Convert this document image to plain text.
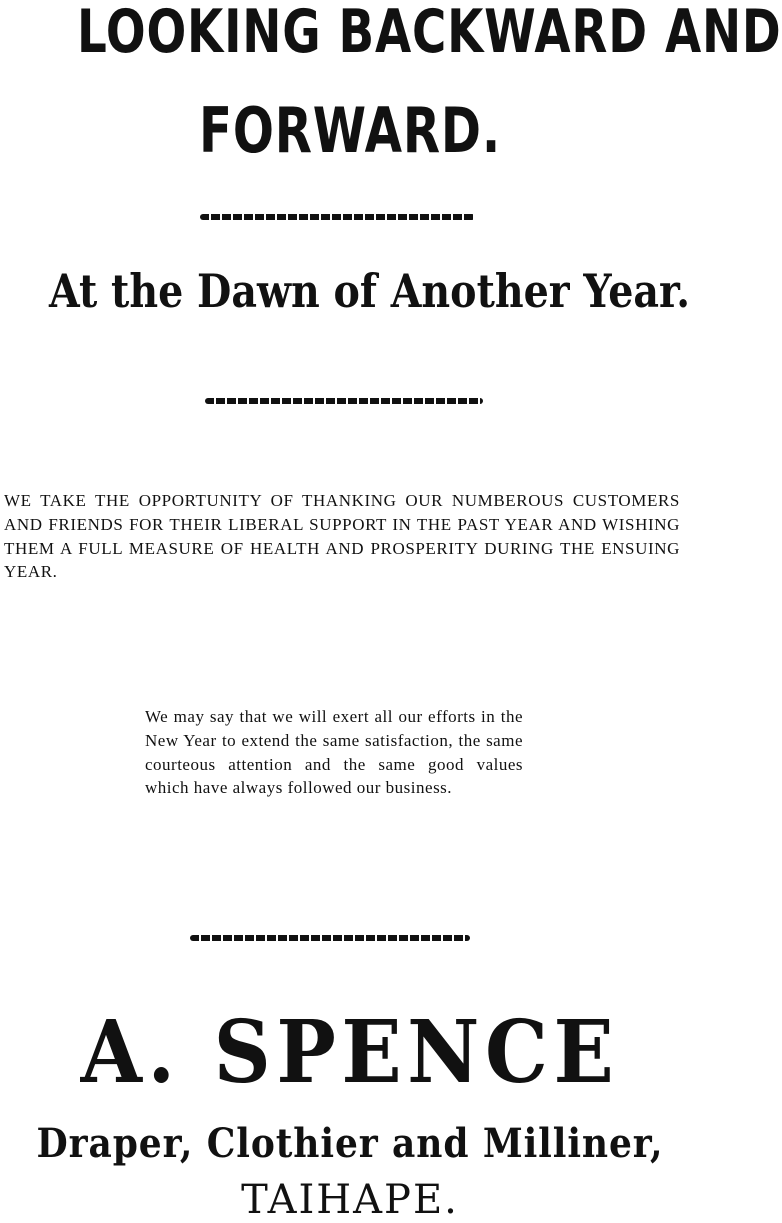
LOOKING BACKWARD AND
FORWARD.
At the Dawn of Another Year.

WE TAKE THE OPPORTUNITY OF THANKING OUR NUMBEROUS CUSTOMERS AND FRIENDS FOR THEIR LIBERAL SUPPORT IN THE PAST YEAR AND WISHING THEM A FULL MEASURE OF HEALTH AND PROSPERITY DURING THE ENSUING YEAR.

We may say that we will exert all our efforts in the New Year to extend the same satisfaction, the same courteous attention and the same good values which have always followed our business.

A. SPENCE
Draper, Clothier and Milliner,
TAIHAPE.
